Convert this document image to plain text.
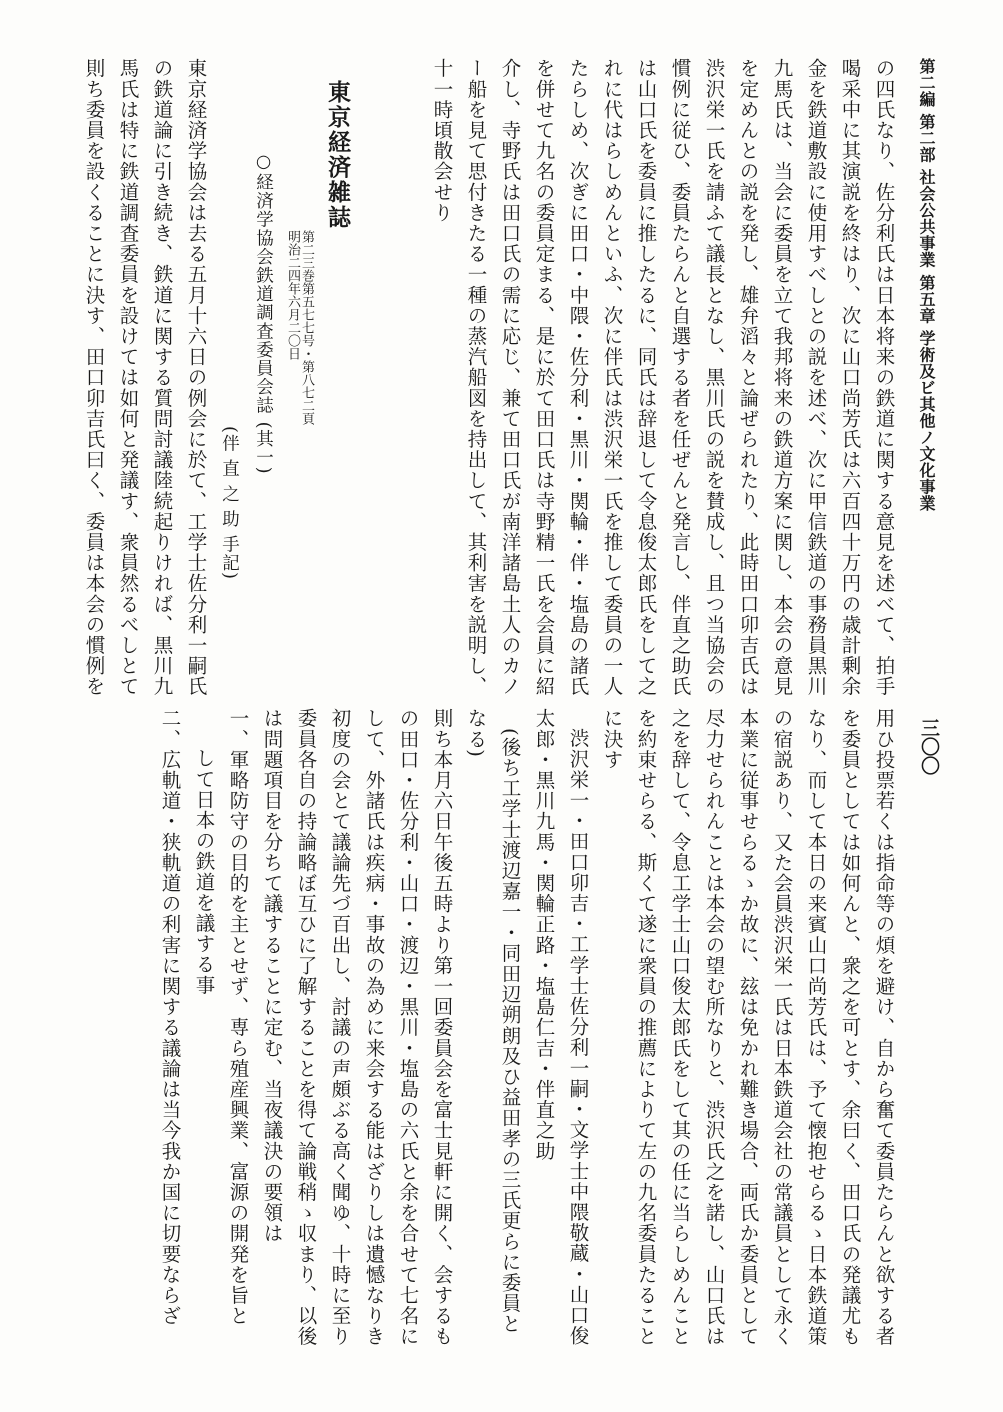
第二編 第二部 社会公共事業 第五章 学術及ビ其他ノ文化事業
三〇〇
の四氏なり、佐分利氏は日本将来の鉄道に関する意見を述べて、拍手
喝采中に其演説を終はり、次に山口尚芳氏は六百四十万円の歳計剰余
金を鉄道敷設に使用すべしとの説を述べ、次に甲信鉄道の事務員黒川
九馬氏は、当会に委員を立て我邦将来の鉄道方案に関し、本会の意見
を定めんとの説を発し、雄弁滔々と論ぜられたり、此時田口卯吉氏は
渋沢栄一氏を請ふて議長となし、黒川氏の説を賛成し、且つ当協会の
慣例に従ひ、委員たらんと自選する者を任ぜんと発言し、伴直之助氏
は山口氏を委員に推したるに、同氏は辞退して令息俊太郎氏をして之
れに代はらしめんといふ、次に伴氏は渋沢栄一氏を推して委員の一人
たらしめ、次ぎに田口・中隈・佐分利・黒川・関輪・伴・塩島の諸氏
を併せて九名の委員定まる、是に於て田口氏は寺野精一氏を会員に紹
介し、寺野氏は田口氏の需に応じ、兼て田口氏が南洋諸島土人のカノ
ー船を見て思付きたる一種の蒸汽船図を持出して、其利害を説明し、
十一時頃散会せり
東京経済雑誌
第二三巻第五七七号・第八七二頁
明治二四年六月二〇日
○経済学協会鉄道調査委員会誌 (其一)
(伴 直 之 助 手記)
東京経済学協会は去る五月十六日の例会に於て、工学士佐分利一嗣氏
の鉄道論に引き続き、鉄道に関する質問討議陸続起りければ、黒川九
馬氏は特に鉄道調査委員を設けては如何と発議す、衆員然るべしとて
則ち委員を設くることに決す、田口卯吉氏曰く、委員は本会の慣例を
用ひ投票若くは指命等の煩を避け、自から奮て委員たらんと欲する者
を委員としては如何んと、衆之を可とす、余曰く、田口氏の発議尤も
なり、而して本日の来賓山口尚芳氏は、予て懐抱せらるゝ日本鉄道策
の宿説あり、又た会員渋沢栄一氏は日本鉄道会社の常議員として永く
本業に従事せらるゝか故に、玆は免かれ難き場合、両氏か委員として
尽力せられんことは本会の望む所なりと、渋沢氏之を諾し、山口氏は
之を辞して、令息工学士山口俊太郎氏をして其の任に当らしめんこと
を約束せらる、斯くて遂に衆員の推薦によりて左の九名委員たること
に決す
渋沢栄一・田口卯吉・工学士佐分利一嗣・文学士中隈敬蔵・山口俊
太郎・黒川九馬・関輪正路・塩島仁吉・伴直之助
(後ち工学士渡辺嘉一・同田辺朔朗及ひ益田孝の三氏更らに委員と
なる)
則ち本月六日午後五時より第一回委員会を富士見軒に開く、会するも
の田口・佐分利・山口・渡辺・黒川・塩島の六氏と余を合せて七名に
して、外諸氏は疾病・事故の為めに来会する能はざりしは遺憾なりき
初度の会とて議論先づ百出し、討議の声頗ぶる高く聞ゆ、十時に至り
委員各自の持論略ぼ互ひに了解することを得て論戦稍ゝ収まり、以後
は問題項目を分ちて議することに定む、当夜議決の要領は
一、軍略防守の目的を主とせず、専ら殖産興業、富源の開発を旨と
して日本の鉄道を議する事
二、広軌道・狭軌道の利害に関する議論は当今我か国に切要ならざ
